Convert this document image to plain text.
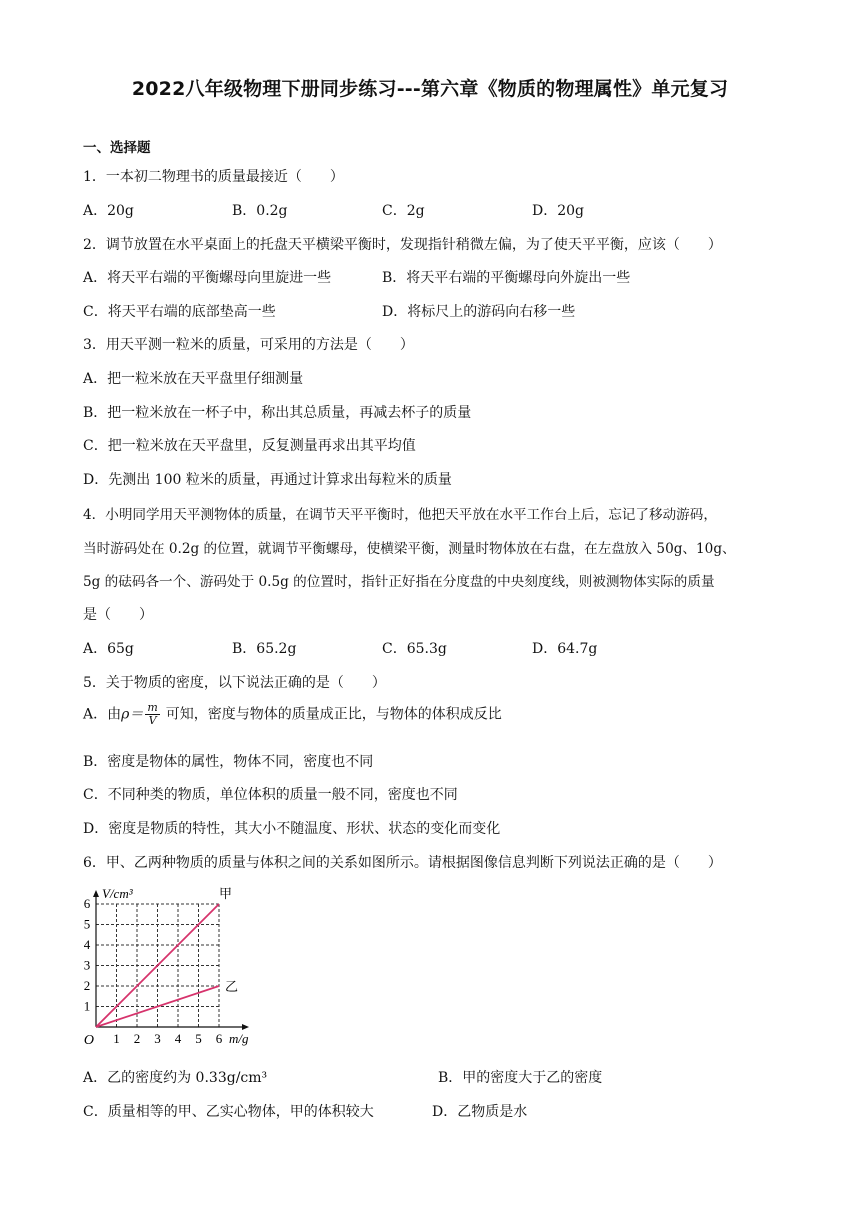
2022八年级物理下册同步练习---第六章《物质的物理属性》单元复习
一、选择题
1．一本初二物理书的质量最接近（　　）
A．20g	B．0.2g	C．2g	D．20g
2．调节放置在水平桌面上的托盘天平横梁平衡时，发现指针稍微左偏，为了使天平平衡，应该（　　）
A．将天平右端的平衡螺母向里旋进一些	B．将天平右端的平衡螺母向外旋出一些
C．将天平右端的底部垫高一些	D．将标尺上的游码向右移一些
3．用天平测一粒米的质量，可采用的方法是（　　）
A．把一粒米放在天平盘里仔细测量
B．把一粒米放在一杯子中，称出其总质量，再减去杯子的质量
C．把一粒米放在天平盘里，反复测量再求出其平均值
D．先测出 100 粒米的质量，再通过计算求出每粒米的质量
4．小明同学用天平测物体的质量，在调节天平平衡时，他把天平放在水平工作台上后，忘记了移动游码，
当时游码处在 0.2g 的位置，就调节平衡螺母，使横梁平衡，测量时物体放在右盘，在左盘放入 50g、10g、
5g 的砝码各一个、游码处于 0.5g 的位置时，指针正好指在分度盘的中央刻度线，则被测物体实际的质量
是（　　）
A．65g	B．65.2g	C．65.3g	D．64.7g
5．关于物质的密度，以下说法正确的是（　　）
A．由$\rho= \frac{m}{V}$ 可知，密度与物体的质量成正比，与物体的体积成反比
B．密度是物体的属性，物体不同，密度也不同
C．不同种类的物质，单位体积的质量一般不同，密度也不同
D．密度是物质的特性，其大小不随温度、形状、状态的变化而变化
6．甲、乙两种物质的质量与体积之间的关系如图所示。请根据图像信息判断下列说法正确的是（　　）
1 2 3 4 5 6
1
2
3
4
5
6
O	m/g
V/cm³	甲
乙
A．乙的密度约为 0.33g/cm³	B．甲的密度大于乙的密度
C．质量相等的甲、乙实心物体，甲的体积较大	D．乙物质是水
